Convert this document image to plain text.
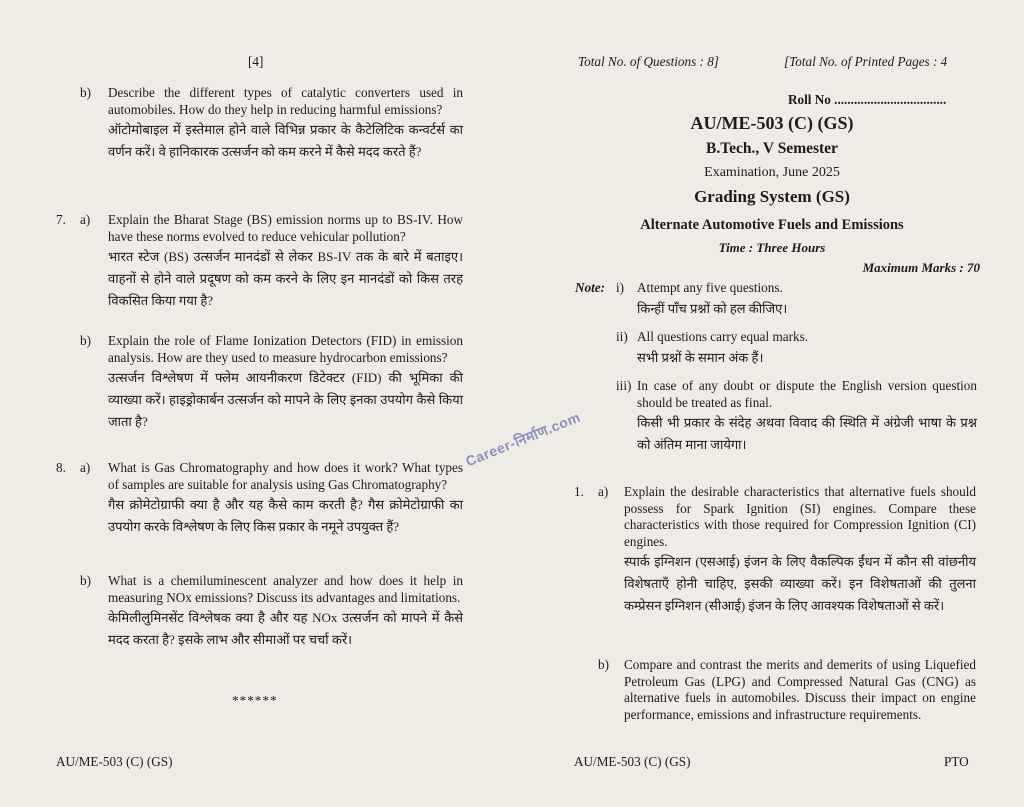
[4]
b) Describe the different types of catalytic converters used in automobiles. How do they help in reducing harmful emissions?

ऑटोमोबाइल में इस्तेमाल होने वाले विभिन्न प्रकार के कैटेलिटिक कन्वर्टर्स का वर्णन करें। वे हानिकारक उत्सर्जन को कम करने में कैसे मदद करते हैं?

7. a) Explain the Bharat Stage (BS) emission norms up to BS-IV. How have these norms evolved to reduce vehicular pollution?

भारत स्टेज (BS) उत्सर्जन मानदंडों से लेकर BS-IV तक के बारे में बताइए। वाहनों से होने वाले प्रदूषण को कम करने के लिए इन मानदंडों को किस तरह विकसित किया गया है?

b) Explain the role of Flame Ionization Detectors (FID) in emission analysis. How are they used to measure hydrocarbon emissions?

उत्सर्जन विश्लेषण में फ्लेम आयनीकरण डिटेक्टर (FID) की भूमिका की व्याख्या करें। हाइड्रोकार्बन उत्सर्जन को मापने के लिए इनका उपयोग कैसे किया जाता है?

8. a) What is Gas Chromatography and how does it work? What types of samples are suitable for analysis using Gas Chromatography?

गैस क्रोमेटोग्राफी क्या है और यह कैसे काम करती है? गैस क्रोमेटोग्राफी का उपयोग करके विश्लेषण के लिए किस प्रकार के नमूने उपयुक्त हैं?

b) What is a chemiluminescent analyzer and how does it help in measuring NOx emissions? Discuss its advantages and limitations.

केमिलीलुमिनसेंट विश्लेषक क्या है और यह NOx उत्सर्जन को मापने में कैसे मदद करता है? इसके लाभ और सीमाओं पर चर्चा करें।

******
AU/ME-503 (C) (GS)
Total No. of Questions : 8]	[Total No. of Printed Pages : 4
Roll No ..................................
AU/ME-503 (C) (GS)
B.Tech., V Semester
Examination, June 2025
Grading System (GS)
Alternate Automotive Fuels and Emissions
Time : Three Hours
Maximum Marks : 70
Note: i) Attempt any five questions.

किन्हीं पाँच प्रश्नों को हल कीजिए।

ii) All questions carry equal marks.

सभी प्रश्नों के समान अंक हैं।

iii) In case of any doubt or dispute the English version question should be treated as final.

किसी भी प्रकार के संदेह अथवा विवाद की स्थिति में अंग्रेजी भाषा के प्रश्न को अंतिम माना जायेगा।

1. a) Explain the desirable characteristics that alternative fuels should possess for Spark Ignition (SI) engines. Compare these characteristics with those required for Compression Ignition (CI) engines.

स्पार्क इग्निशन (एसआई) इंजन के लिए वैकल्पिक ईंधन में कौन सी वांछनीय विशेषताएँ होनी चाहिए, इसकी व्याख्या करें। इन विशेषताओं की तुलना कम्प्रेसन इग्निशन (सीआई) इंजन के लिए आवश्यक विशेषताओं से करें।

b) Compare and contrast the merits and demerits of using Liquefied Petroleum Gas (LPG) and Compressed Natural Gas (CNG) as alternative fuels in automobiles. Discuss their impact on engine performance, emissions and infrastructure requirements.

AU/ME-503 (C) (GS)	PTO
Career-निर्माण.com
